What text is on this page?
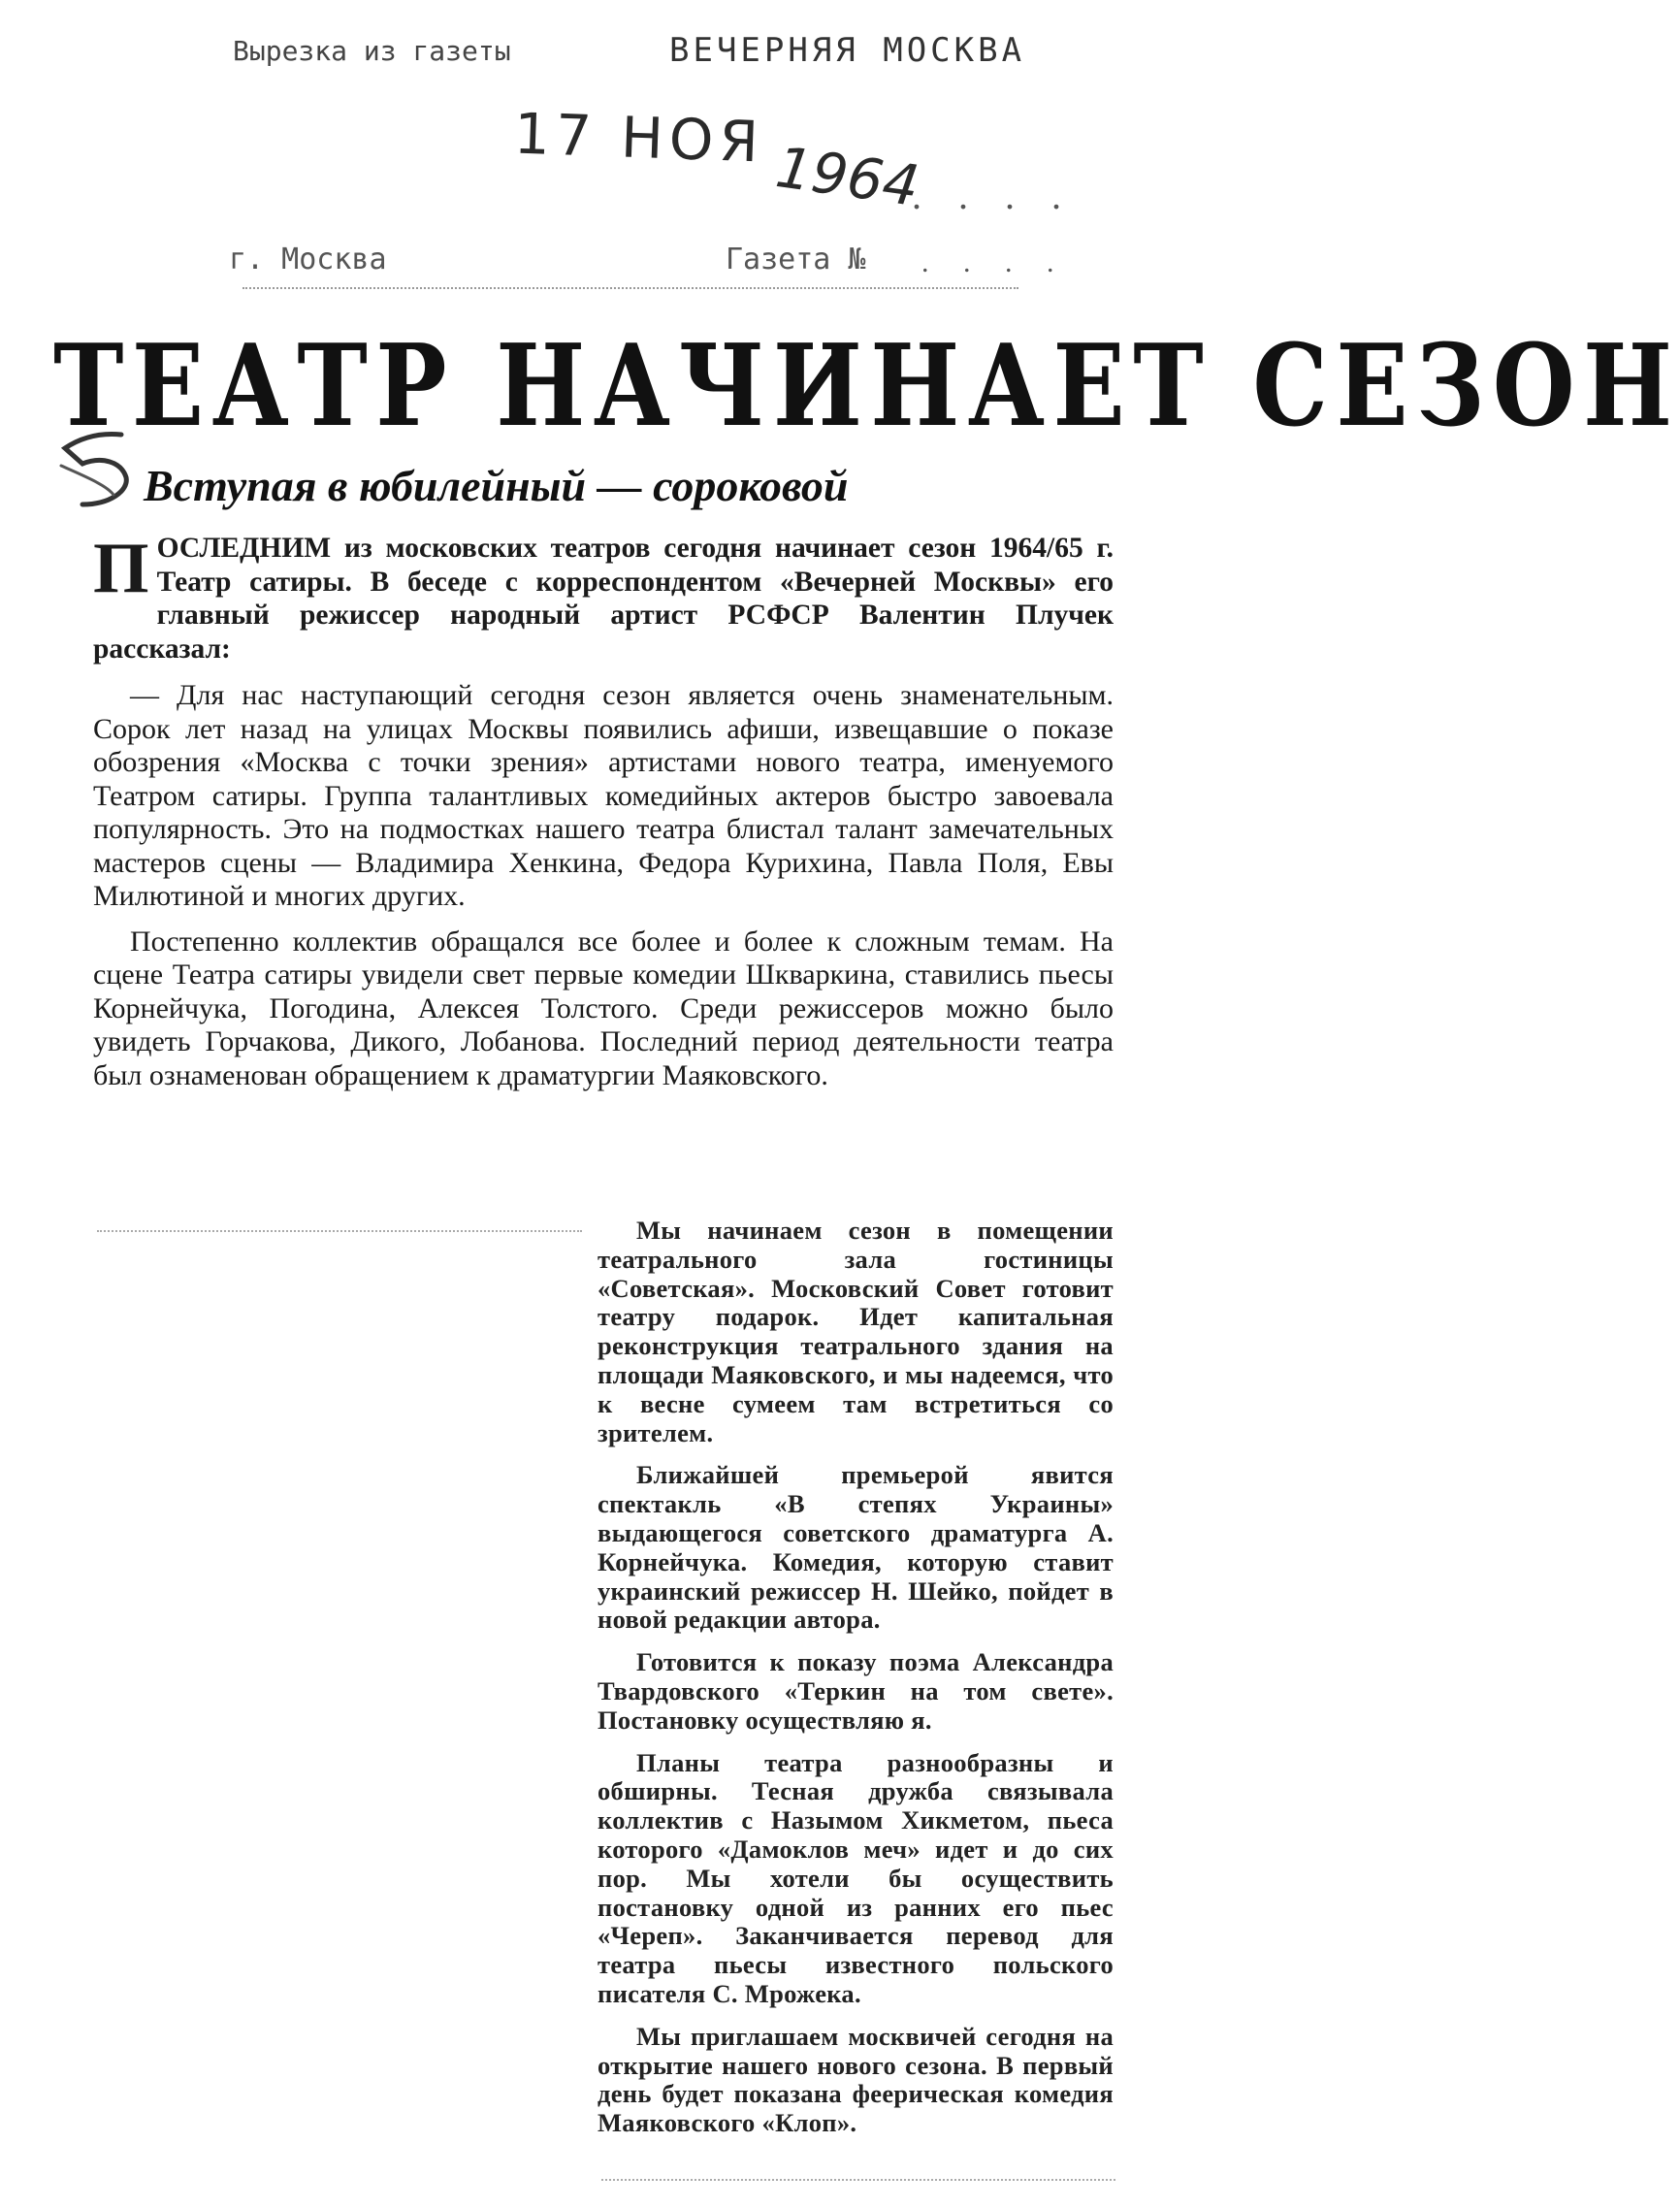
Вырезка из газеты	ВЕЧЕРНЯЯ МОСКВА
17 НОЯ 1964
. . . .
г. Москва	Газета № . . . .
ТЕАТР НАЧИНАЕТ СЕЗОН
Вступая в юбилейный — сороковой
ПОСЛЕДНИМ из московских театров сегодня начинает сезон 1964/65 г. Театр сатиры. В беседе с корреспондентом «Вечерней Москвы» его главный режиссер народный артист РСФСР Валентин Плучек рассказал:

— Для нас наступающий сегодня сезон является очень знаменательным. Сорок лет назад на улицах Москвы появились афиши, извещавшие о показе обозрения «Москва с точки зрения» артистами нового театра, именуемого Театром сатиры. Группа талантливых комедийных актеров быстро завоевала популярность. Это на подмостках нашего театра блистал талант замечательных мастеров сцены — Владимира Хенкина, Федора Курихина, Павла Поля, Евы Милютиной и многих других.

Постепенно коллектив обращался все более и более к сложным темам. На сцене Театра сатиры увидели свет первые комедии Шкваркина, ставились пьесы Корнейчука, Погодина, Алексея Толстого. Среди режиссеров можно было увидеть Горчакова, Дикого, Лобанова. Последний период деятельности театра был ознаменован обращением к драматургии Маяковского.

Мы начинаем сезон в помещении театрального зала гостиницы «Советская». Московский Совет готовит театру подарок. Идет капитальная реконструкция театрального здания на площади Маяковского, и мы надеемся, что к весне сумеем там встретиться со зрителем.

Ближайшей премьерой явится спектакль «В степях Украины» выдающегося советского драматурга А. Корнейчука. Комедия, которую ставит украинский режиссер Н. Шейко, пойдет в новой редакции автора.

Готовится к показу поэма Александра Твардовского «Теркин на том свете». Постановку осуществляю я.

Планы театра разнообразны и обширны. Тесная дружба связывала коллектив с Назымом Хикметом, пьеса которого «Дамоклов меч» идет и до сих пор. Мы хотели бы осуществить постановку одной из ранних его пьес «Череп». Заканчивается перевод для театра пьесы известного польского писателя С. Мрожека.

Мы приглашаем москвичей сегодня на открытие нашего нового сезона. В первый день будет показана феерическая комедия Маяковского «Клоп».
